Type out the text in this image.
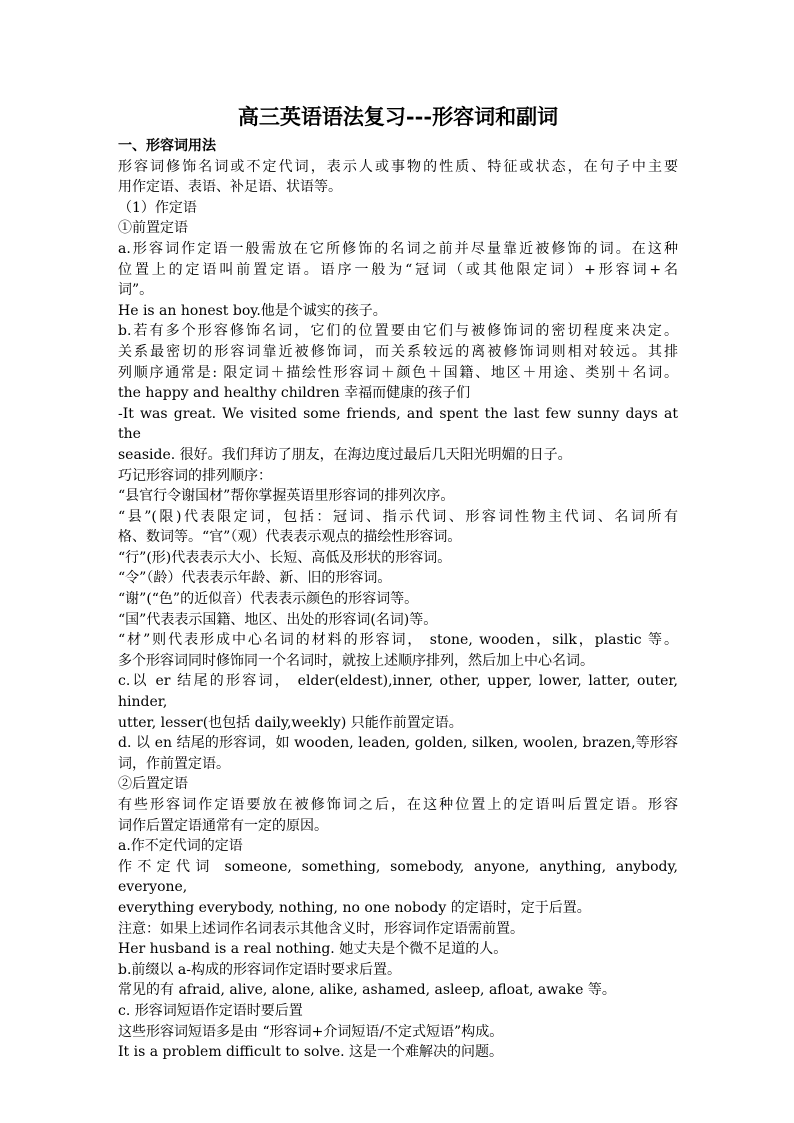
高三英语语法复习---形容词和副词
一、形容词用法
形容词修饰名词或不定代词，表示人或事物的性质、特征或状态，在句子中主要
用作定语、表语、补足语、状语等。
（1）作定语
①前置定语
a.形容词作定语一般需放在它所修饰的名词之前并尽量靠近被修饰的词。在这种
位置上的定语叫前置定语。语序一般为“冠词（或其他限定词）+形容词+名
词”。
He is an honest boy.他是个诚实的孩子。
b.若有多个形容修饰名词，它们的位置要由它们与被修饰词的密切程度来决定。
关系最密切的形容词靠近被修饰词，而关系较远的离被修饰词则相对较远。其排
列顺序通常是: 限定词＋描绘性形容词＋颜色＋国籍、地区＋用途、类别＋名词。
the happy and healthy children 幸福而健康的孩子们
-It was great. We visited some friends, and spent the last few sunny days at the
seaside. 很好。我们拜访了朋友，在海边度过最后几天阳光明媚的日子。
巧记形容词的排列顺序：
“县官行令谢国材”帮你掌握英语里形容词的排列次序。
“县”(限)代表限定词，包括：冠词、指示代词、形容词性物主代词、名词所有
格、数词等。“官”（观）代表表示观点的描绘性形容词。
“行”(形)代表表示大小、长短、高低及形状的形容词。
“令”（龄）代表表示年龄、新、旧的形容词。
“谢”(“色”的近似音）代表表示颜色的形容词等。
“国”代表表示国籍、地区、出处的形容词(名词)等。
“材”则代表形成中心名词的材料的形容词， stone, wooden，silk，plastic 等。
多个形容词同时修饰同一个名词时，就按上述顺序排列，然后加上中心名词。
c.以 er 结尾的形容词， elder(eldest),inner, other, upper, lower, latter, outer, hinder,
utter, lesser(也包括 daily,weekly) 只能作前置定语。
d. 以 en 结尾的形容词，如 wooden, leaden, golden, silken, woolen, brazen,等形容
词，作前置定语。
②后置定语
有些形容词作定语要放在被修饰词之后，在这种位置上的定语叫后置定语。形容
词作后置定语通常有一定的原因。
a.作不定代词的定语
作不定代词 someone, something, somebody, anyone, anything, anybody, everyone,
everything everybody, nothing, no one nobody 的定语时，定于后置。
注意：如果上述词作名词表示其他含义时，形容词作定语需前置。
Her husband is a real nothing. 她丈夫是个微不足道的人。
b.前缀以 a-构成的形容词作定语时要求后置。
常见的有 afraid, alive, alone, alike, ashamed, asleep, afloat, awake 等。
c. 形容词短语作定语时要后置
这些形容词短语多是由 “形容词+介词短语/不定式短语”构成。
It is a problem difficult to solve. 这是一个难解决的问题。
